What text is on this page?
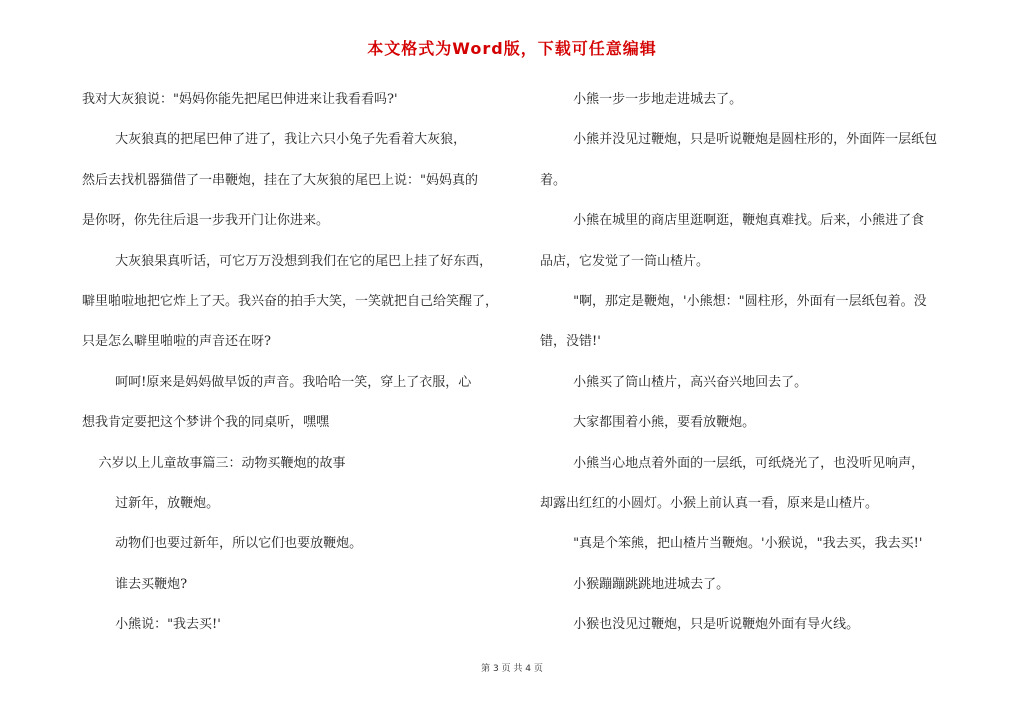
本文格式为Word版，下载可任意编辑

我对大灰狼说："妈妈你能先把尾巴伸进来让我看看吗?'

大灰狼真的把尾巴伸了进了，我让六只小兔子先看着大灰狼，

然后去找机器猫借了一串鞭炮，挂在了大灰狼的尾巴上说："妈妈真的

是你呀，你先往后退一步我开门让你进来。

大灰狼果真听话，可它万万没想到我们在它的尾巴上挂了好东西，

噼里啪啦地把它炸上了天。我兴奋的拍手大笑，一笑就把自己给笑醒了，

只是怎么噼里啪啦的声音还在呀?

呵呵!原来是妈妈做早饭的声音。我哈哈一笑，穿上了衣服，心

想我肯定要把这个梦讲个我的同桌听，嘿嘿

六岁以上儿童故事篇三：动物买鞭炮的故事

过新年，放鞭炮。

动物们也要过新年，所以它们也要放鞭炮。

谁去买鞭炮?

小熊说："我去买!'

小熊一步一步地走进城去了。

小熊并没见过鞭炮，只是听说鞭炮是圆柱形的，外面阵一层纸包

着。

小熊在城里的商店里逛啊逛，鞭炮真难找。后来，小熊进了食

品店，它发觉了一筒山楂片。

"啊，那定是鞭炮，'小熊想："圆柱形，外面有一层纸包着。没

错，没错!'

小熊买了筒山楂片，高兴奋兴地回去了。

大家都围着小熊，要看放鞭炮。

小熊当心地点着外面的一层纸，可纸烧光了，也没听见响声，

却露出红红的小圆灯。小猴上前认真一看，原来是山楂片。

"真是个笨熊，把山楂片当鞭炮。'小猴说，"我去买，我去买!'

小猴蹦蹦跳跳地进城去了。

小猴也没见过鞭炮，只是听说鞭炮外面有导火线。

第 3 页 共 4 页
